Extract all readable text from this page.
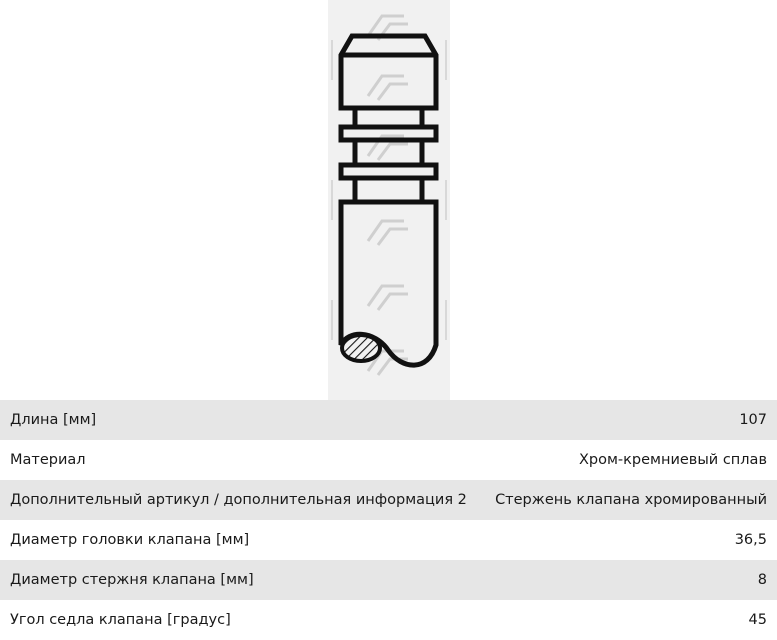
Длина [мм]	107
Материал	Хром-кремниевый сплав
Дополнительный артикул / дополнительная информация 2	Стержень клапана хромированный
Диаметр головки клапана [мм]	36,5
Диаметр стержня клапана [мм]	8
Угол седла клапана [градус]	45
